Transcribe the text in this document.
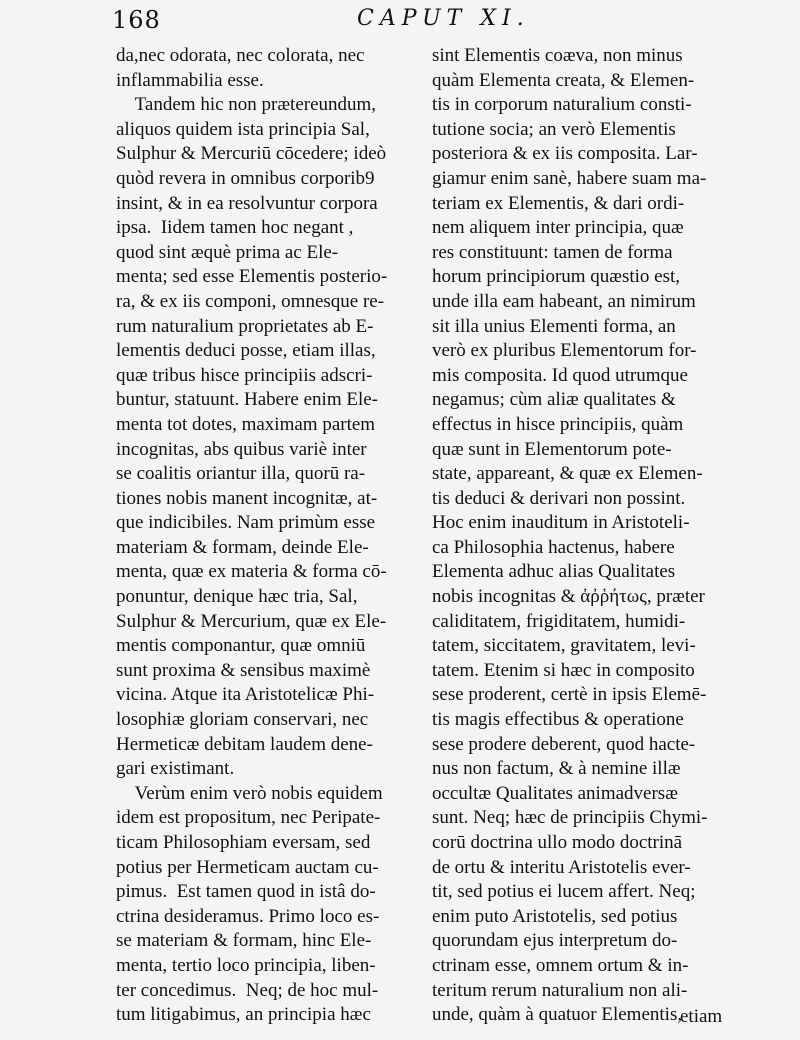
168	CAPUT XI.
da,nec odorata, nec colorata, nec
inflammabilia esse.
Tandem hic non prætereundum,
aliquos quidem ista principia Sal,
Sulphur & Mercuriū cōcedere; ideò
quòd revera in omnibus corporib9
insint, & in ea resolvuntur corpora
ipsa.  Iidem tamen hoc negant ,
quod sint æquè prima ac Ele-
menta; sed esse Elementis posterio-
ra, & ex iis componi, omnesque re-
rum naturalium proprietates ab E-
lementis deduci posse, etiam illas,
quæ tribus hisce principiis adscri-
buntur, statuunt. Habere enim Ele-
menta tot dotes, maximam partem
incognitas, abs quibus variè inter
se coalitis oriantur illa, quorū ra-
tiones nobis manent incognitæ, at-
que indicibiles. Nam primùm esse
materiam & formam, deinde Ele-
menta, quæ ex materia & forma cō-
ponuntur, denique hæc tria, Sal,
Sulphur & Mercurium, quæ ex Ele-
mentis componantur, quæ omniū
sunt proxima & sensibus maximè
vicina. Atque ita Aristotelicæ Phi-
losophiæ gloriam conservari, nec
Hermeticæ debitam laudem dene-
gari existimant.
Verùm enim verò nobis equidem
idem est propositum, nec Peripate-
ticam Philosophiam eversam, sed
potius per Hermeticam auctam cu-
pimus.  Est tamen quod in istâ do-
ctrina desideramus. Primo loco es-
se materiam & formam, hinc Ele-
menta, tertio loco principia, liben-
ter concedimus.  Neq; de hoc mul-
tum litigabimus, an principia hæc
sint Elementis coæva, non minus
quàm Elementa creata, & Elemen-
tis in corporum naturalium consti-
tutione socia; an verò Elementis
posteriora & ex iis composita. Lar-
giamur enim sanè, habere suam ma-
teriam ex Elementis, & dari ordi-
nem aliquem inter principia, quæ
res constituunt: tamen de forma
horum principiorum quæstio est,
unde illa eam habeant, an nimirum
sit illa unius Elementi forma, an
verò ex pluribus Elementorum for-
mis composita. Id quod utrumque
negamus; cùm aliæ qualitates &
effectus in hisce principiis, quàm
quæ sunt in Elementorum pote-
state, appareant, & quæ ex Elemen-
tis deduci & derivari non possint.
Hoc enim inauditum in Aristoteli-
ca Philosophia hactenus, habere
Elementa adhuc alias Qualitates
nobis incognitas & ἀῤῥήτως, præter
caliditatem, frigiditatem, humidi-
tatem, siccitatem, gravitatem, levi-
tatem. Etenim si hæc in composito
sese proderent, certè in ipsis Elemē-
tis magis effectibus & operatione
sese prodere deberent, quod hacte-
nus non factum, & à nemine illæ
occultæ Qualitates animadversæ
sunt. Neq; hæc de principiis Chymi-
corū doctrina ullo modo doctrinā
de ortu & interitu Aristotelis ever-
tit, sed potius ei lucem affert. Neq;
enim puto Aristotelis, sed potius
quorundam ejus interpretum do-
ctrinam esse, omnem ortum & in-
teritum rerum naturalium non ali-
unde, quàm à quatuor Elementis,
etiam
